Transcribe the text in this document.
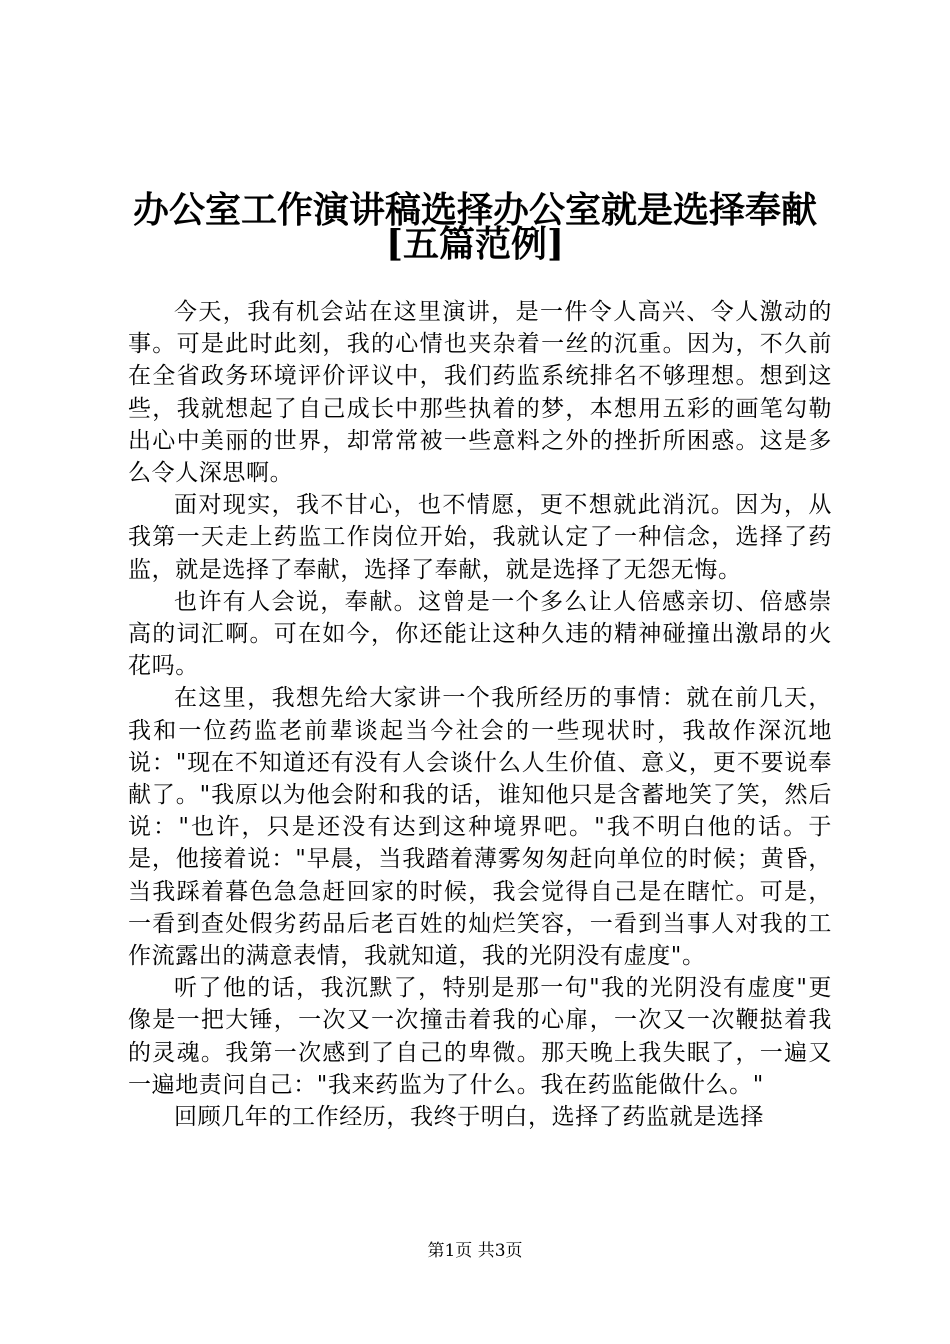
办公室工作演讲稿选择办公室就是选择奉献
[五篇范例]

今天，我有机会站在这里演讲，是一件令人高兴、令人激动的事。可是此时此刻，我的心情也夹杂着一丝的沉重。因为，不久前在全省政务环境评价评议中，我们药监系统排名不够理想。想到这些，我就想起了自己成长中那些执着的梦，本想用五彩的画笔勾勒出心中美丽的世界，却常常被一些意料之外的挫折所困惑。这是多么令人深思啊。

面对现实，我不甘心，也不情愿，更不想就此消沉。因为，从我第一天走上药监工作岗位开始，我就认定了一种信念，选择了药监，就是选择了奉献，选择了奉献，就是选择了无怨无悔。

也许有人会说，奉献。这曾是一个多么让人倍感亲切、倍感崇高的词汇啊。可在如今，你还能让这种久违的精神碰撞出激昂的火花吗。

在这里，我想先给大家讲一个我所经历的事情：就在前几天，我和一位药监老前辈谈起当今社会的一些现状时，我故作深沉地说："现在不知道还有没有人会谈什么人生价值、意义，更不要说奉献了。"我原以为他会附和我的话，谁知他只是含蓄地笑了笑，然后说："也许，只是还没有达到这种境界吧。"我不明白他的话。于是，他接着说："早晨，当我踏着薄雾匆匆赶向单位的时候；黄昏，当我踩着暮色急急赶回家的时候，我会觉得自己是在瞎忙。可是，一看到查处假劣药品后老百姓的灿烂笑容，一看到当事人对我的工作流露出的满意表情，我就知道，我的光阴没有虚度"。

听了他的话，我沉默了，特别是那一句"我的光阴没有虚度"更像是一把大锤，一次又一次撞击着我的心扉，一次又一次鞭挞着我的灵魂。我第一次感到了自己的卑微。那天晚上我失眠了，一遍又一遍地责问自己："我来药监为了什么。我在药监能做什么。"

回顾几年的工作经历，我终于明白，选择了药监就是选择

第1页 共3页
